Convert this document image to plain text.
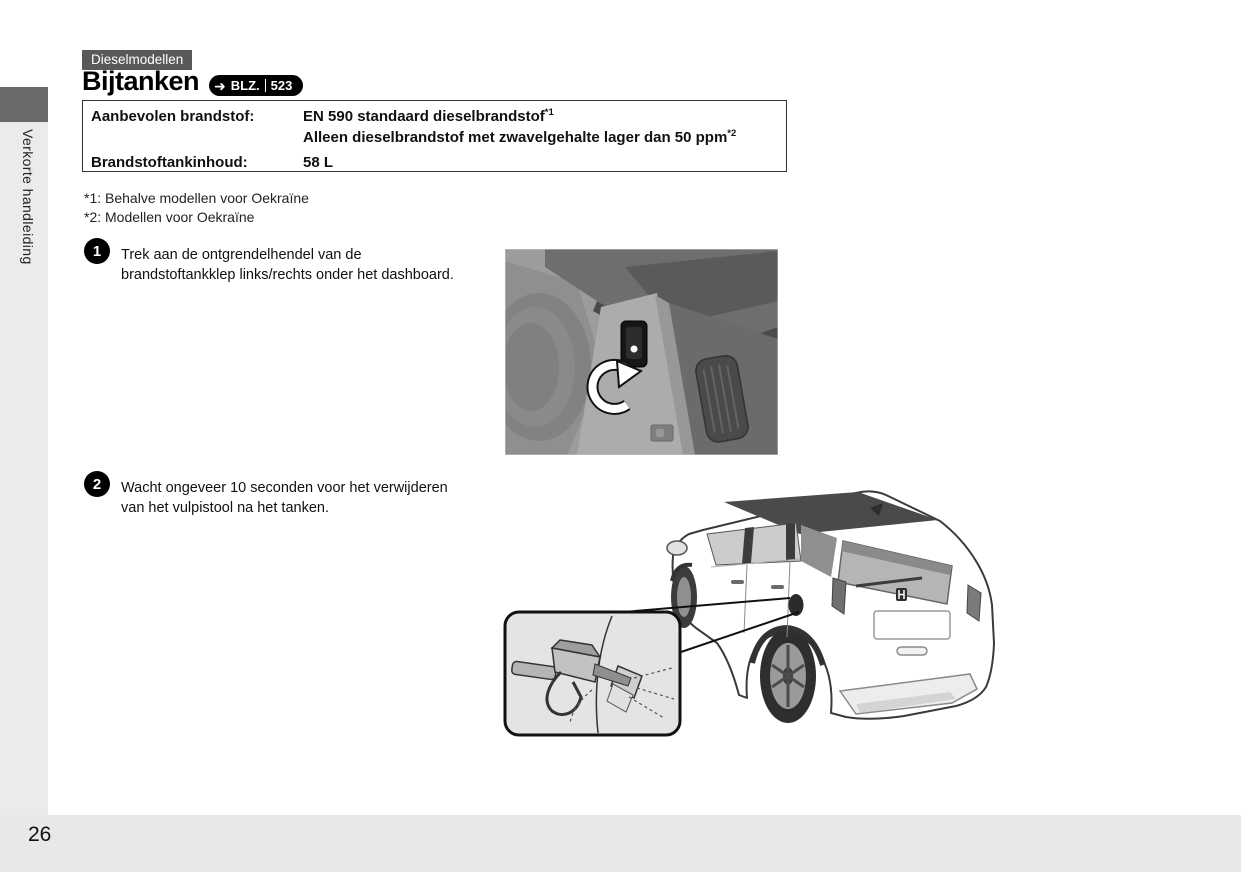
Verkorte handleiding
Dieselmodellen
Bijtanken ➜ BLZ. 523
Aanbevolen brandstof:	EN 590 standaard dieselbrandstof$^{*1}$
Alleen dieselbrandstof met zwavelgehalte lager dan 50 ppm$^{*2}$
Brandstoftankinhoud:	58 L
*1: Behalve modellen voor Oekraïne
*2: Modellen voor Oekraïne
1	Trek aan de ontgrendelhendel van de
brandstoftankklep links/rechts onder het dashboard.
2	Wacht ongeveer 10 seconden voor het verwijderen
van het vulpistool na het tanken.
26
